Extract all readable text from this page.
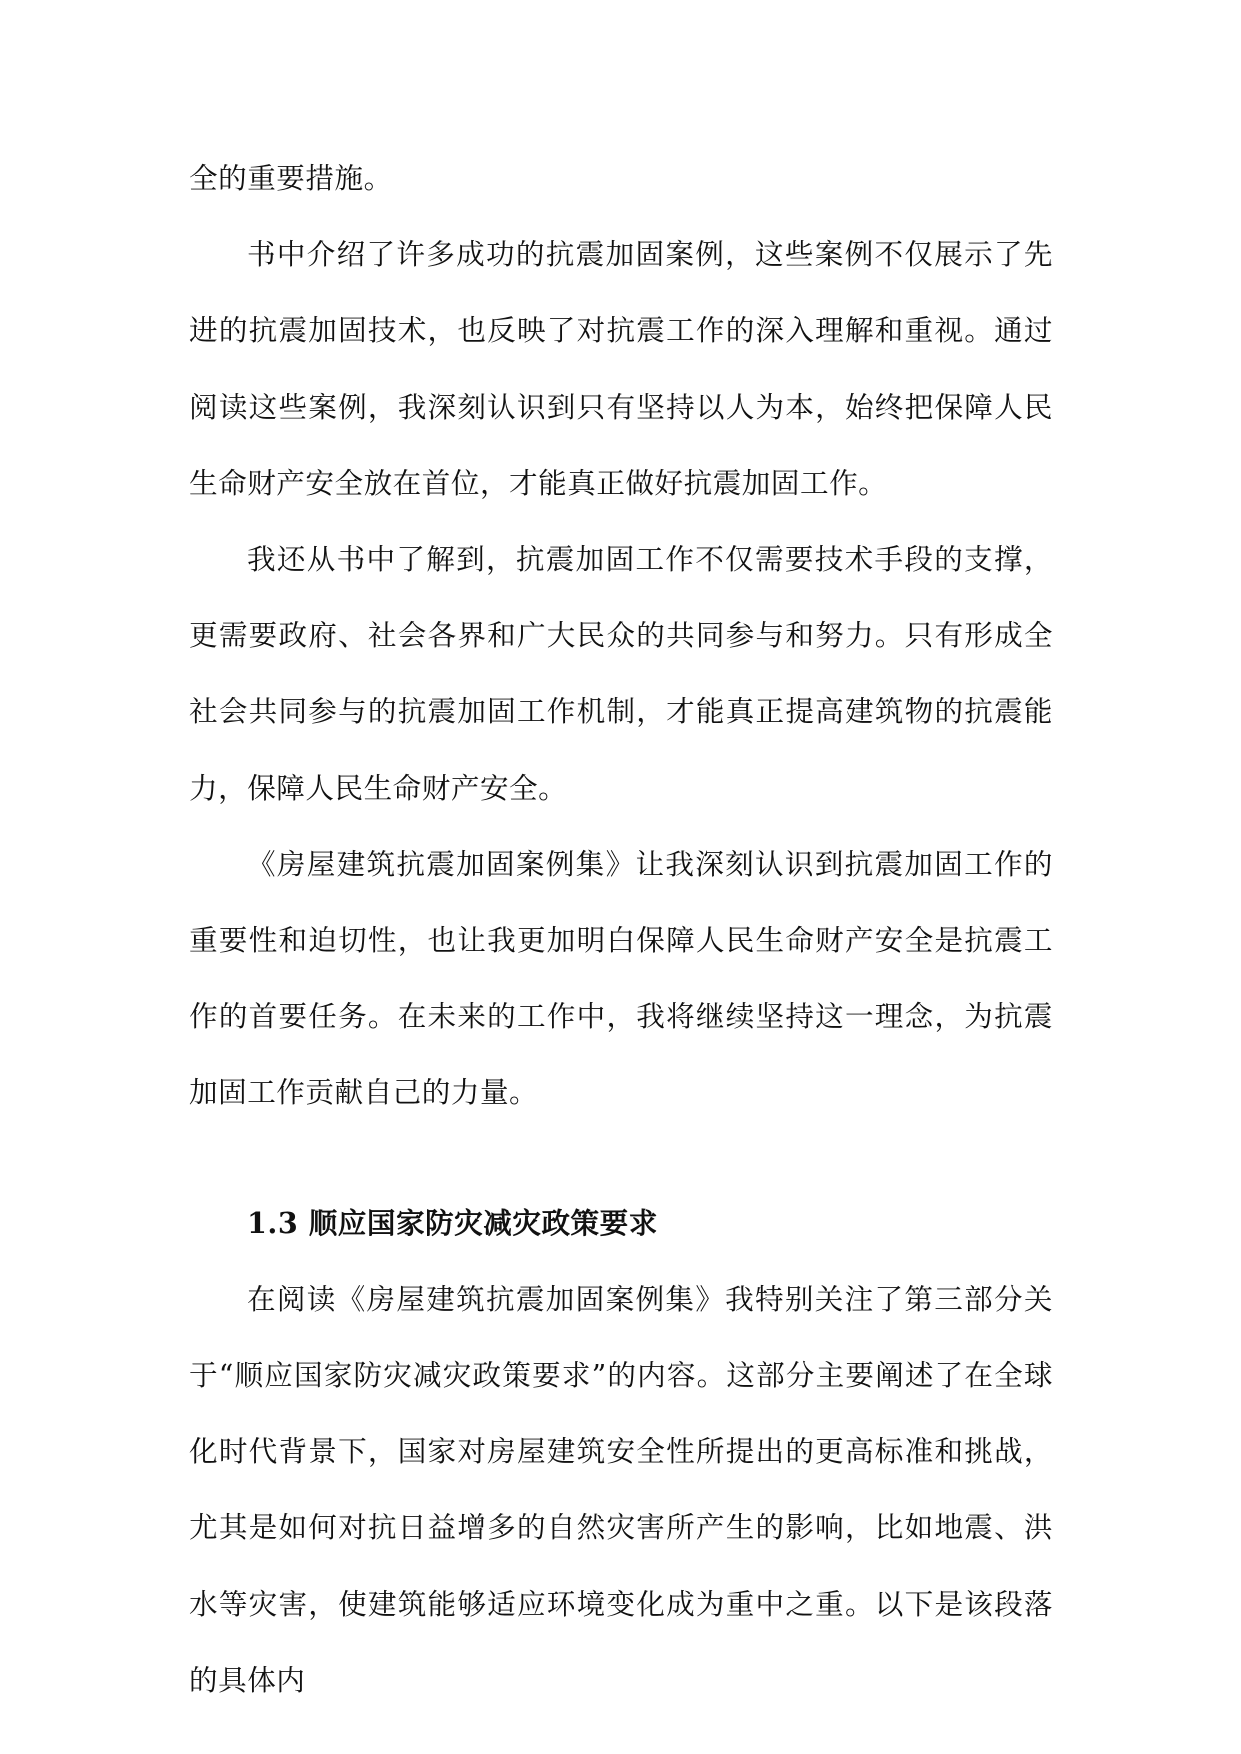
全的重要措施。

书中介绍了许多成功的抗震加固案例，这些案例不仅展示了先进的抗震加固技术，也反映了对抗震工作的深入理解和重视。通过阅读这些案例，我深刻认识到只有坚持以人为本，始终把保障人民生命财产安全放在首位，才能真正做好抗震加固工作。

我还从书中了解到，抗震加固工作不仅需要技术手段的支撑，更需要政府、社会各界和广大民众的共同参与和努力。只有形成全社会共同参与的抗震加固工作机制，才能真正提高建筑物的抗震能力，保障人民生命财产安全。

《房屋建筑抗震加固案例集》让我深刻认识到抗震加固工作的重要性和迫切性，也让我更加明白保障人民生命财产安全是抗震工作的首要任务。在未来的工作中，我将继续坚持这一理念，为抗震加固工作贡献自己的力量。

1.3 顺应国家防灾减灾政策要求

在阅读《房屋建筑抗震加固案例集》我特别关注了第三部分关于“顺应国家防灾减灾政策要求”的内容。这部分主要阐述了在全球化时代背景下，国家对房屋建筑安全性所提出的更高标准和挑战，尤其是如何对抗日益增多的自然灾害所产生的影响，比如地震、洪水等灾害，使建筑能够适应环境变化成为重中之重。以下是该段落的具体内
